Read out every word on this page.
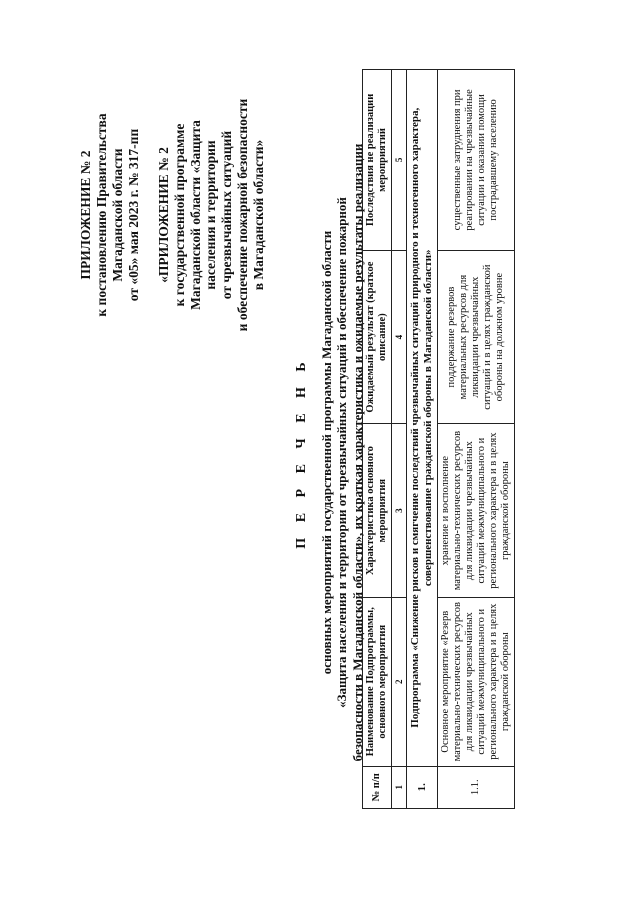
ПРИЛОЖЕНИЕ № 2 к постановлению Правительства Магаданской области от «05» мая 2023 г. № 317-пп «ПРИЛОЖЕНИЕ № 2 к государственной программе Магаданской области «Защита населения и территории от чрезвычайных ситуаций и обеспечение пожарной безопасности в Магаданской области»
П Е Р Е Ч Е Н Ь основных мероприятий государственной программы Магаданской области «Защита населения и территории от чрезвычайных ситуаций и обеспечение пожарной безопасности в Магаданской области», их краткая характеристика и ожидаемые результаты реализации
№ п/п	Наименование Подпрограммы, основного мероприятия	Характеристика основного мероприятия	Ожидаемый результат (краткое описание)	Последствия не реализации мероприятий
1	2	3	4	5
1.	Подпрограмма «Снижение рисков и смягчение последствий чрезвычайных ситуаций природного и техногенного характера, совершенствование гражданской обороны в Магаданской области»			
1.1.	Основное мероприятие «Резерв материально-технических ресурсов для ликвидации чрезвычайных ситуаций межмуниципального и регионального характера и в целях гражданской обороны	хранение и восполнение материально-технических ресурсов для ликвидации чрезвычайных ситуаций межмуниципального и регионального характера и в целях гражданской обороны	поддержание резервов материальных ресурсов для ликвидации чрезвычайных ситуаций и в целях гражданской обороны на должном уровне	существенные затруднения при реагировании на чрезвычайные ситуации и оказании помощи пострадавшему населению
